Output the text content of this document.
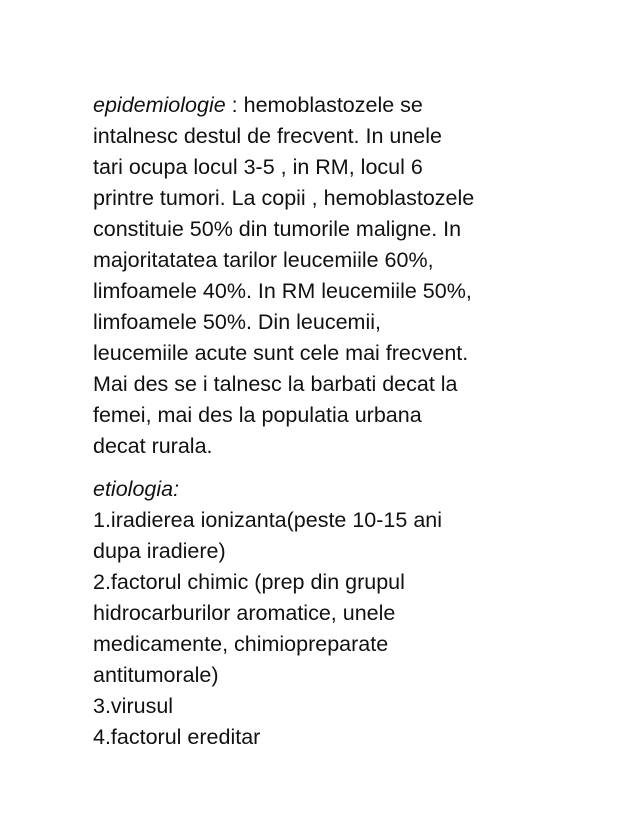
epidemiologie : hemoblastozele se
intalnesc destul de frecvent. In unele
tari ocupa locul 3-5 , in RM, locul 6
printre tumori. La copii , hemoblastozele
constituie 50% din tumorile maligne. In
majoritatatea tarilor leucemiile 60%,
limfoamele 40%. In RM leucemiile 50%,
limfoamele 50%. Din leucemii,
leucemiile acute sunt cele mai frecvent.
Mai des se i talnesc la barbati decat la
femei, mai des la populatia urbana
decat rurala.
etiologia:
1.iradierea ionizanta(peste 10-15 ani
dupa iradiere)
2.factorul chimic (prep din grupul
hidrocarburilor aromatice, unele
medicamente, chimiopreparate
antitumorale)
3.virusul
4.factorul ereditar
